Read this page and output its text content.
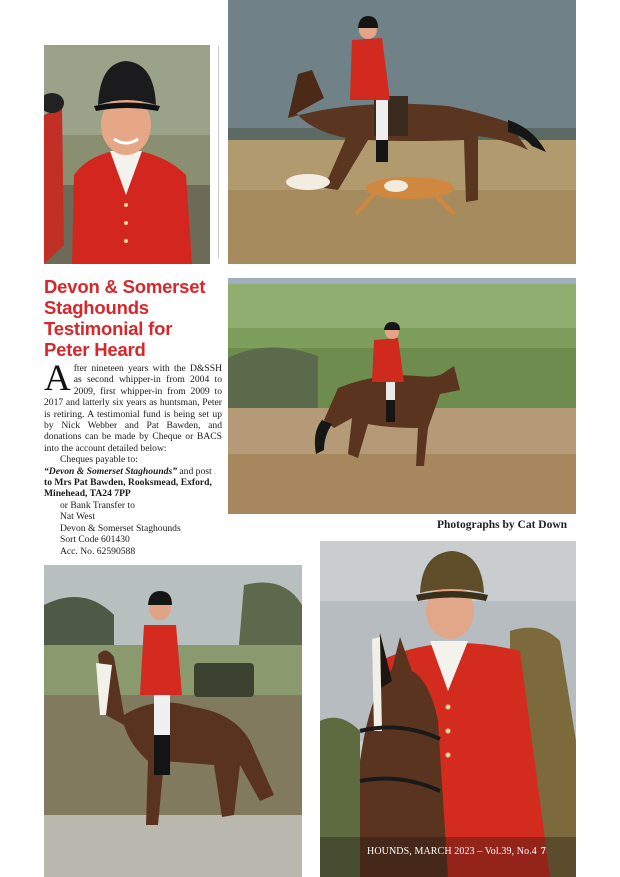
Devon & Somerset Staghounds Testimonial for Peter Heard

After nineteen years with the D&SSH as second whipper-in from 2004 to 2009, first whipper-in from 2009 to 2017 and latterly six years as huntsman, Peter is retiring. A testimonial fund is being set up by Nick Webber and Pat Bawden, and donations can be made by Cheque or BACS into the account detailed below:

Cheques payable to:
“Devon & Somerset Staghounds” and post
to Mrs Pat Bawden, Rooksmead, Exford,
Minehead, TA24 7PP
or Bank Transfer to
Nat West
Devon & Somerset Staghounds
Sort Code 601430
Acc. No. 62590588
Photographs by Cat Down
HOUNDS, MARCH 2023 – Vol.39, No.4 7
